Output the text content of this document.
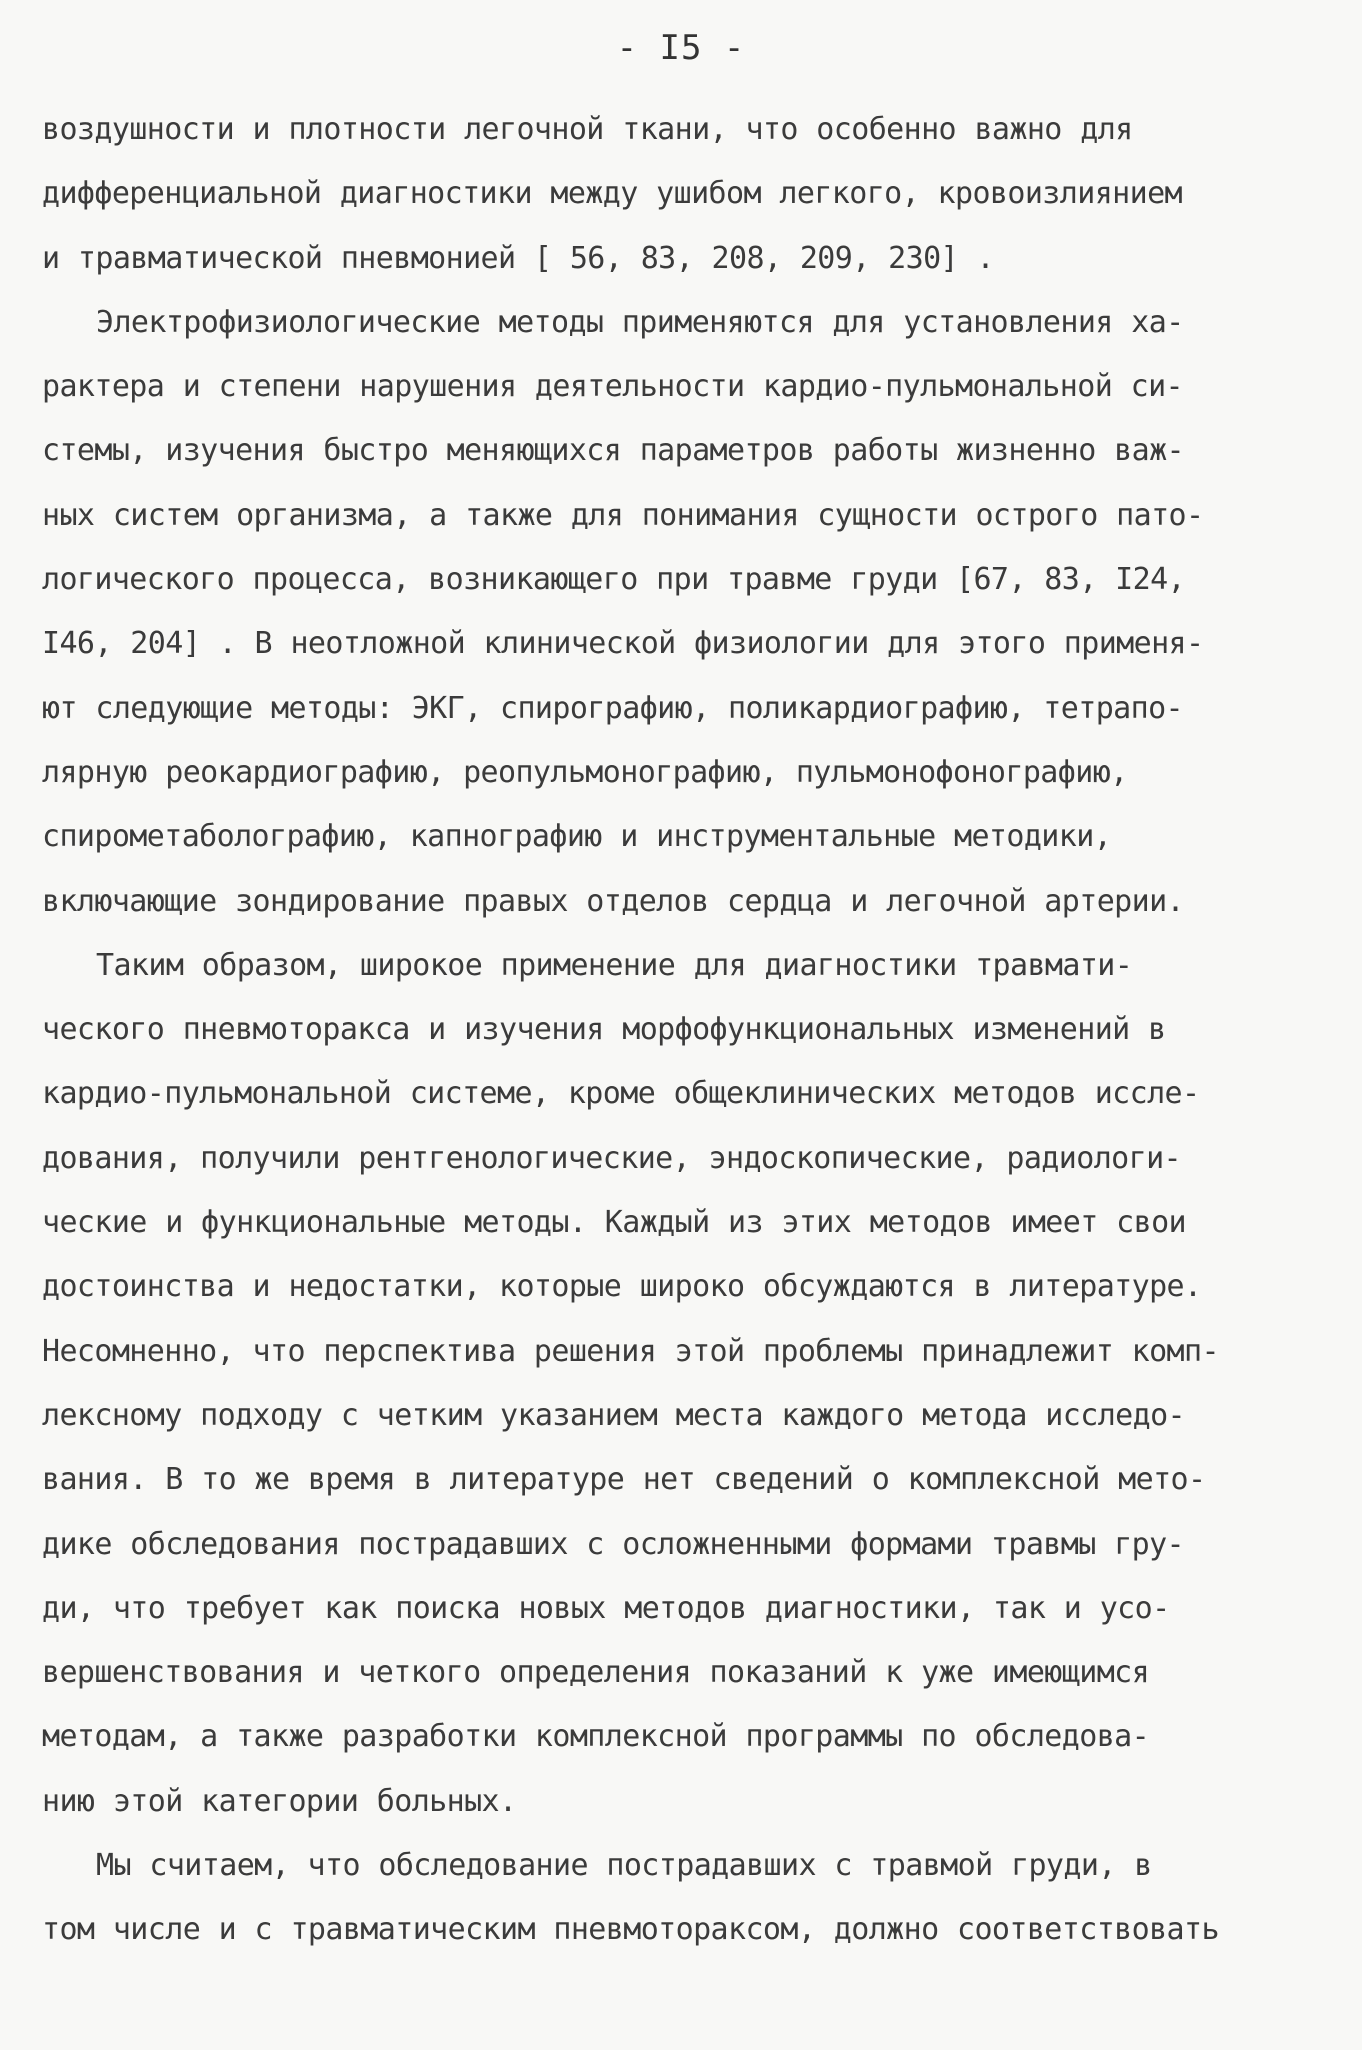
- I5 -
воздушности и плотности легочной ткани, что особенно важно для
дифференциальной диагностики между ушибом легкого, кровоизлиянием
и травматической пневмонией [ 56, 83, 208, 209, 230] .
Электрофизиологические методы применяются для установления ха-
рактера и степени нарушения деятельности кардио-пульмональной си-
стемы, изучения быстро меняющихся параметров работы жизненно важ-
ных систем организма, а также для понимания сущности острого пато-
логического процесса, возникающего при травме груди [67, 83, I24,
I46, 204] . В неотложной клинической физиологии для этого применя-
ют следующие методы: ЭКГ, спирографию, поликардиографию, тетрапо-
лярную реокардиографию, реопульмонографию, пульмонофонографию,
спирометаболографию, капнографию и инструментальные методики,
включающие зондирование правых отделов сердца и легочной артерии.
Таким образом, широкое применение для диагностики травмати-
ческого пневмоторакса и изучения морфофункциональных изменений в
кардио-пульмональной системе, кроме общеклинических методов иссле-
дования, получили рентгенологические, эндоскопические, радиологи-
ческие и функциональные методы. Каждый из этих методов имеет свои
достоинства и недостатки, которые широко обсуждаются в литературе.
Несомненно, что перспектива решения этой проблемы принадлежит комп-
лексному подходу с четким указанием места каждого метода исследо-
вания. В то же время в литературе нет сведений о комплексной мето-
дике обследования пострадавших с осложненными формами травмы гру-
ди, что требует как поиска новых методов диагностики, так и усо-
вершенствования и четкого определения показаний к уже имеющимся
методам, а также разработки комплексной программы по обследова-
нию этой категории больных.
Мы считаем, что обследование пострадавших с травмой груди, в
том числе и с травматическим пневмотораксом, должно соответствовать
